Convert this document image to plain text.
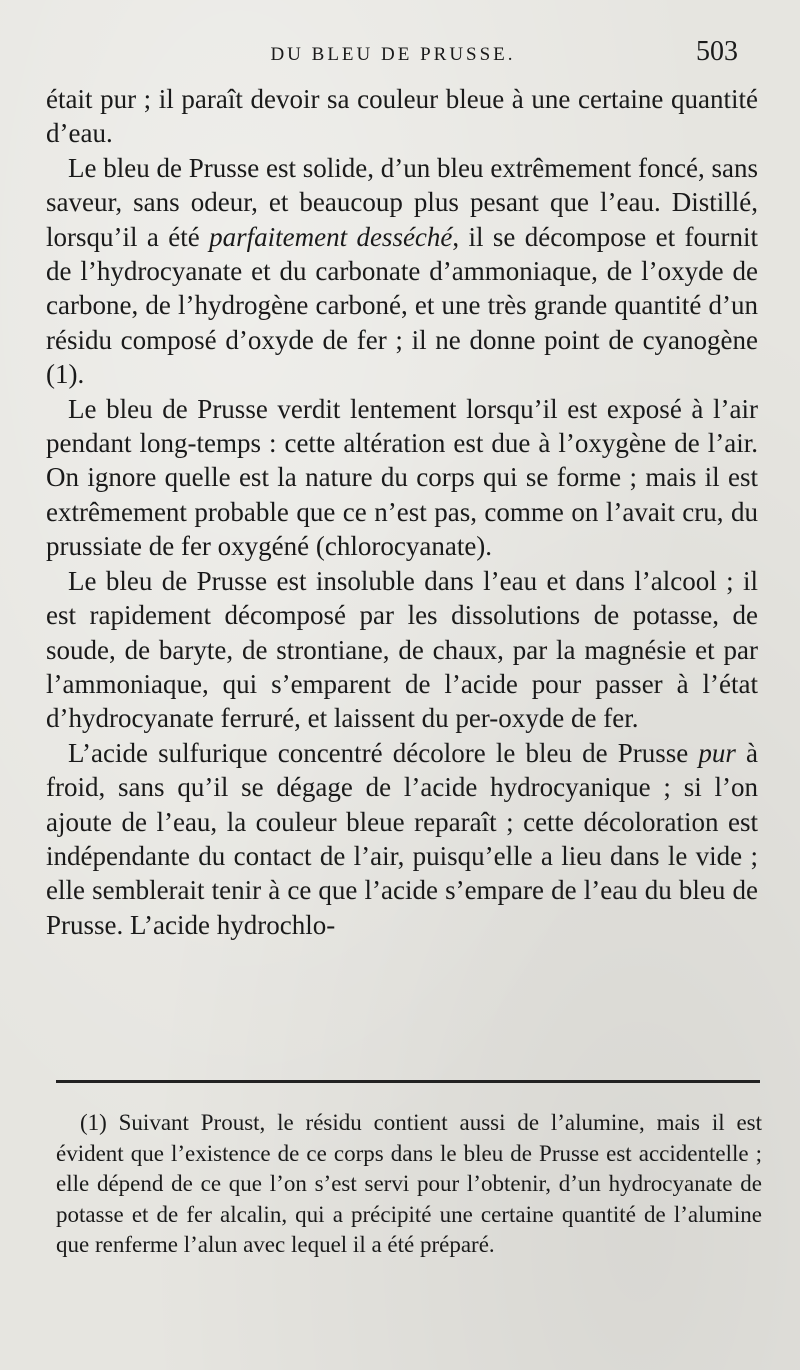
DU BLEU DE PRUSSE.	503

était pur ; il paraît devoir sa couleur bleue à une certaine quantité d’eau.

Le bleu de Prusse est solide, d’un bleu extrêmement foncé, sans saveur, sans odeur, et beaucoup plus pesant que l’eau. Distillé, lorsqu’il a été parfaitement desséché, il se décompose et fournit de l’hydrocyanate et du carbonate d’ammoniaque, de l’oxyde de carbone, de l’hydrogène carboné, et une très grande quantité d’un résidu composé d’oxyde de fer ; il ne donne point de cyanogène (1).

Le bleu de Prusse verdit lentement lorsqu’il est exposé à l’air pendant long-temps : cette altération est due à l’oxygène de l’air. On ignore quelle est la nature du corps qui se forme ; mais il est extrêmement probable que ce n’est pas, comme on l’avait cru, du prussiate de fer oxygéné (chlorocyanate).

Le bleu de Prusse est insoluble dans l’eau et dans l’alcool ; il est rapidement décomposé par les dissolutions de potasse, de soude, de baryte, de strontiane, de chaux, par la magnésie et par l’ammoniaque, qui s’emparent de l’acide pour passer à l’état d’hydrocyanate ferruré, et laissent du per-oxyde de fer.

L’acide sulfurique concentré décolore le bleu de Prusse pur à froid, sans qu’il se dégage de l’acide hydrocyanique ; si l’on ajoute de l’eau, la couleur bleue reparaît ; cette décoloration est indépendante du contact de l’air, puisqu’elle a lieu dans le vide ; elle semblerait tenir à ce que l’acide s’empare de l’eau du bleu de Prusse. L’acide hydrochlo-

(1) Suivant Proust, le résidu contient aussi de l’alumine, mais il est évident que l’existence de ce corps dans le bleu de Prusse est accidentelle ; elle dépend de ce que l’on s’est servi pour l’obtenir, d’un hydrocyanate de potasse et de fer alcalin, qui a précipité une certaine quantité de l’alumine que renferme l’alun avec lequel il a été préparé.
